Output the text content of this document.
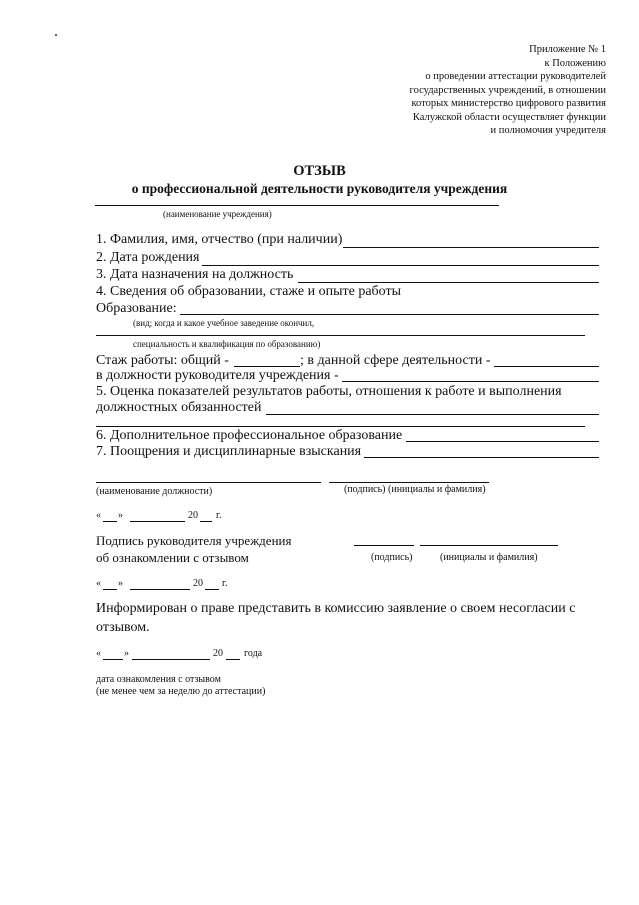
Приложение № 1
к Положению
о проведении аттестации руководителей
государственных учреждений, в отношении
которых министерство цифрового развития
Калужской области осуществляет функции
и полномочия учредителя
ОТЗЫВ
о профессиональной деятельности руководителя учреждения
(наименование учреждения)
1. Фамилия, имя, отчество (при наличии)
2. Дата рождения
3. Дата назначения на должность
4. Сведения об образовании, стаже и опыте работы
Образование:
(вид; когда и какое учебное заведение окончил,
специальность и квалификация по образованию)
Стаж работы: общий -	; в данной сфере деятельности -
в должности руководителя учреждения -
5. Оценка показателей результатов работы, отношения к работе и выполнения
должностных обязанностей
6. Дополнительное профессиональное образование
7. Поощрения и дисциплинарные взыскания
(наименование должности)	(подпись) (инициалы и фамилия)
« »	20 г.
Подпись руководителя учреждения
об ознакомлении с отзывом	(подпись)	(инициалы и фамилия)
« »	20 г.
Информирован о праве представить в комиссию заявление о своем несогласии с
отзывом.
« »	20 года
дата ознакомления с отзывом
(не менее чем за неделю до аттестации)
